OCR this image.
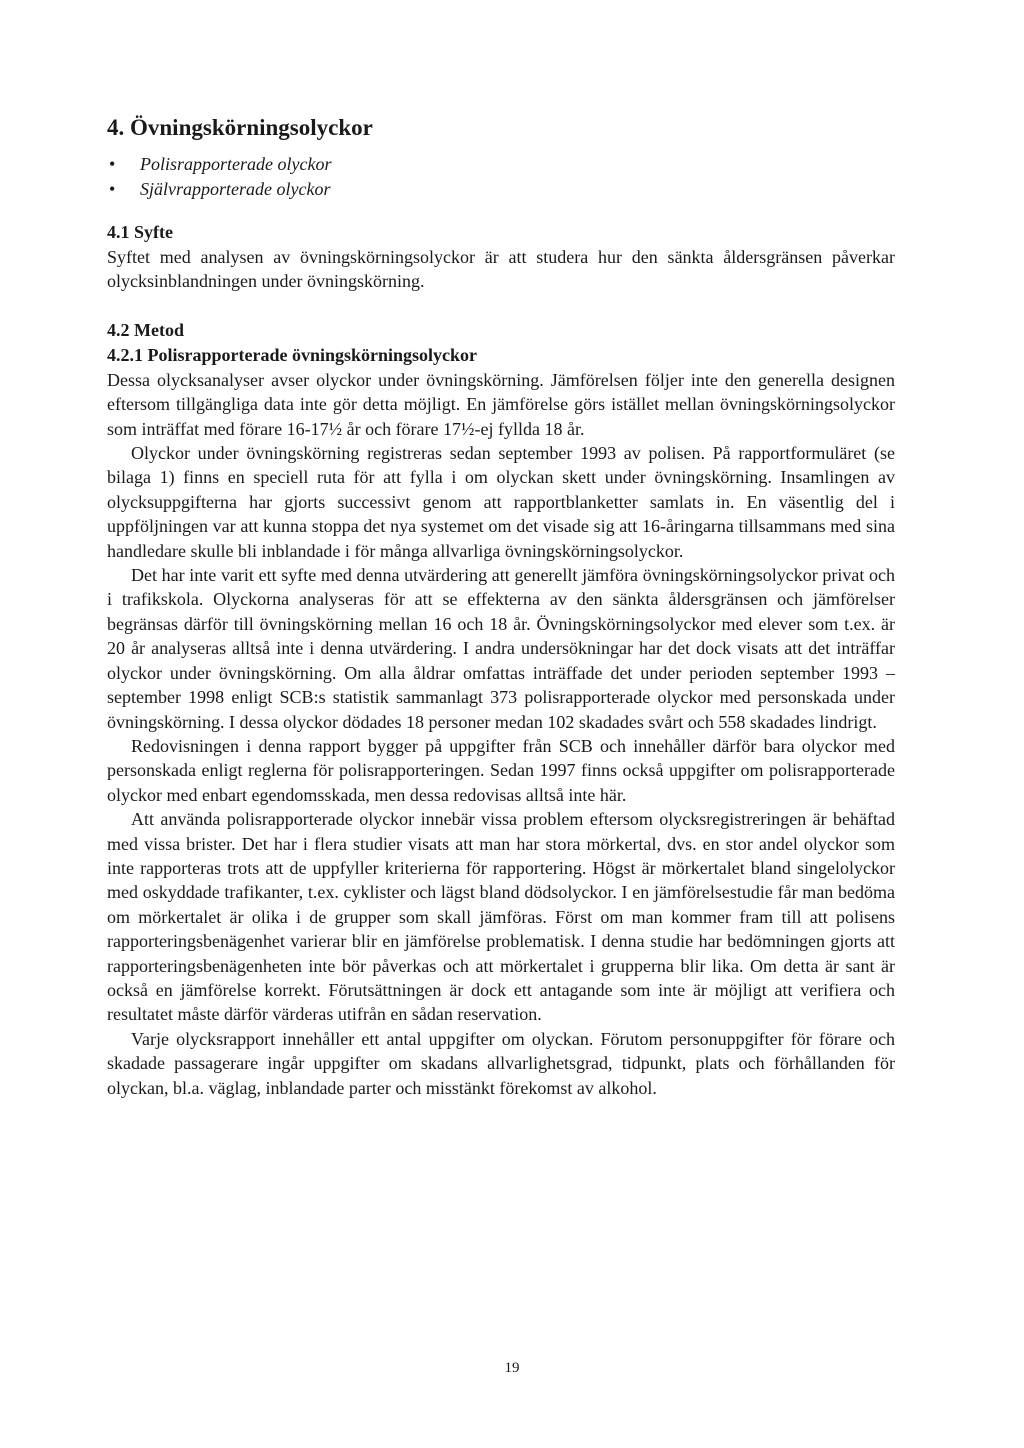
4. Övningskörningsolyckor
• Polisrapporterade olyckor
• Självrapporterade olyckor
4.1 Syfte

Syftet med analysen av övningskörningsolyckor är att studera hur den sänkta åldersgränsen påverkar olycksinblandningen under övningskörning.

4.2 Metod
4.2.1 Polisrapporterade övningskörningsolyckor

Dessa olycksanalyser avser olyckor under övningskörning. Jämförelsen följer inte den generella designen eftersom tillgängliga data inte gör detta möjligt. En jämförelse görs istället mellan övningskörningsolyckor som inträffat med förare 16-17½ år och förare 17½-ej fyllda 18 år.

Olyckor under övningskörning registreras sedan september 1993 av polisen. På rapportformuläret (se bilaga 1) finns en speciell ruta för att fylla i om olyckan skett under övningskörning. Insamlingen av olycksuppgifterna har gjorts successivt genom att rapportblanketter samlats in. En väsentlig del i uppföljningen var att kunna stoppa det nya systemet om det visade sig att 16-åringarna tillsammans med sina handledare skulle bli inblandade i för många allvarliga övningskörningsolyckor.

Det har inte varit ett syfte med denna utvärdering att generellt jämföra övningskörningsolyckor privat och i trafikskola. Olyckorna analyseras för att se effekterna av den sänkta åldersgränsen och jämförelser begränsas därför till övningskörning mellan 16 och 18 år. Övningskörningsolyckor med elever som t.ex. är 20 år analyseras alltså inte i denna utvärdering. I andra undersökningar har det dock visats att det inträffar olyckor under övningskörning. Om alla åldrar omfattas inträffade det under perioden september 1993 – september 1998 enligt SCB:s statistik sammanlagt 373 polisrapporterade olyckor med personskada under övningskörning. I dessa olyckor dödades 18 personer medan 102 skadades svårt och 558 skadades lindrigt.

Redovisningen i denna rapport bygger på uppgifter från SCB och innehåller därför bara olyckor med personskada enligt reglerna för polisrapporteringen. Sedan 1997 finns också uppgifter om polisrapporterade olyckor med enbart egendomsskada, men dessa redovisas alltså inte här.

Att använda polisrapporterade olyckor innebär vissa problem eftersom olycksregistreringen är behäftad med vissa brister. Det har i flera studier visats att man har stora mörkertal, dvs. en stor andel olyckor som inte rapporteras trots att de uppfyller kriterierna för rapportering. Högst är mörkertalet bland singelolyckor med oskyddade trafikanter, t.ex. cyklister och lägst bland dödsolyckor. I en jämförelsestudie får man bedöma om mörkertalet är olika i de grupper som skall jämföras. Först om man kommer fram till att polisens rapporteringsbenägenhet varierar blir en jämförelse problematisk. I denna studie har bedömningen gjorts att rapporteringsbenägenheten inte bör påverkas och att mörkertalet i grupperna blir lika. Om detta är sant är också en jämförelse korrekt. Förutsättningen är dock ett antagande som inte är möjligt att verifiera och resultatet måste därför värderas utifrån en sådan reservation.

Varje olycksrapport innehåller ett antal uppgifter om olyckan. Förutom personuppgifter för förare och skadade passagerare ingår uppgifter om skadans allvarlighetsgrad, tidpunkt, plats och förhållanden för olyckan, bl.a. väglag, inblandade parter och misstänkt förekomst av alkohol.

19
